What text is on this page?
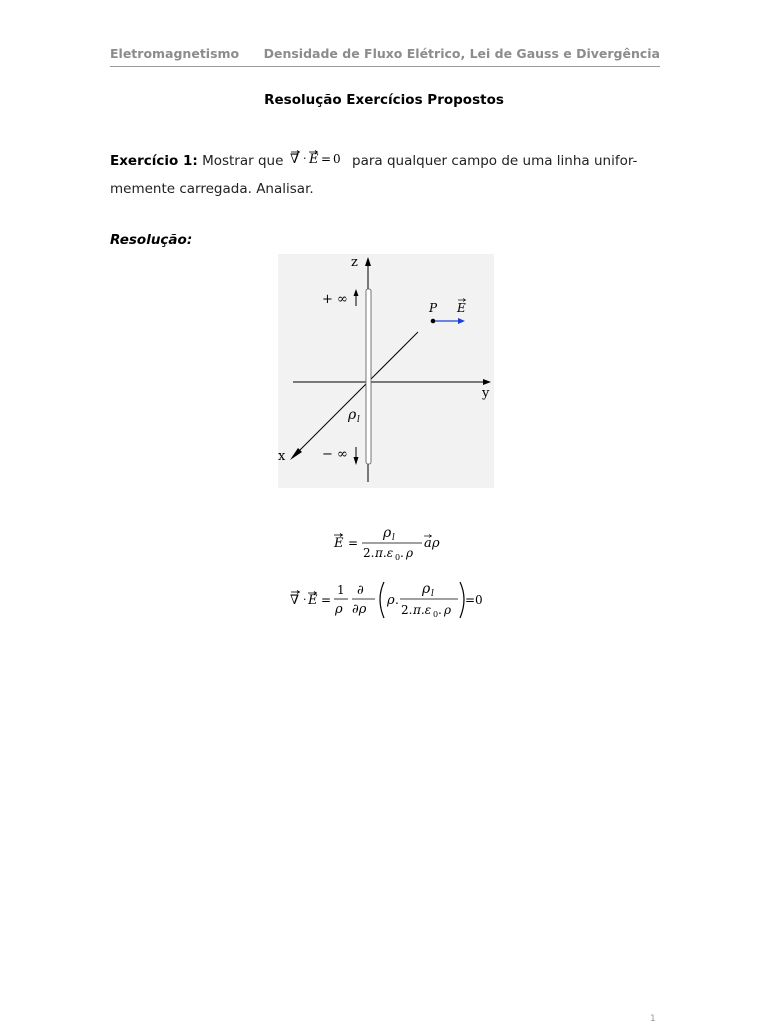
Eletromagnetismo Densidade de Fluxo Elétrico, Lei de Gauss e Divergência
Resolução Exercícios Propostos
Exercício 1: Mostrar que ∇ · E = 0 para qualquer campo de uma linha unifor-
memente carregada. Analisar.
Resolução:
z
y
x
+ ∞
− ∞
P E
ρ l
E =
ρ l
2. π.ε 0 . ρ
a ρ
∇ · E =
1
ρ
∂
∂ρ
ρ .
ρ l
2. π.ε 0 . ρ
= 0
1
